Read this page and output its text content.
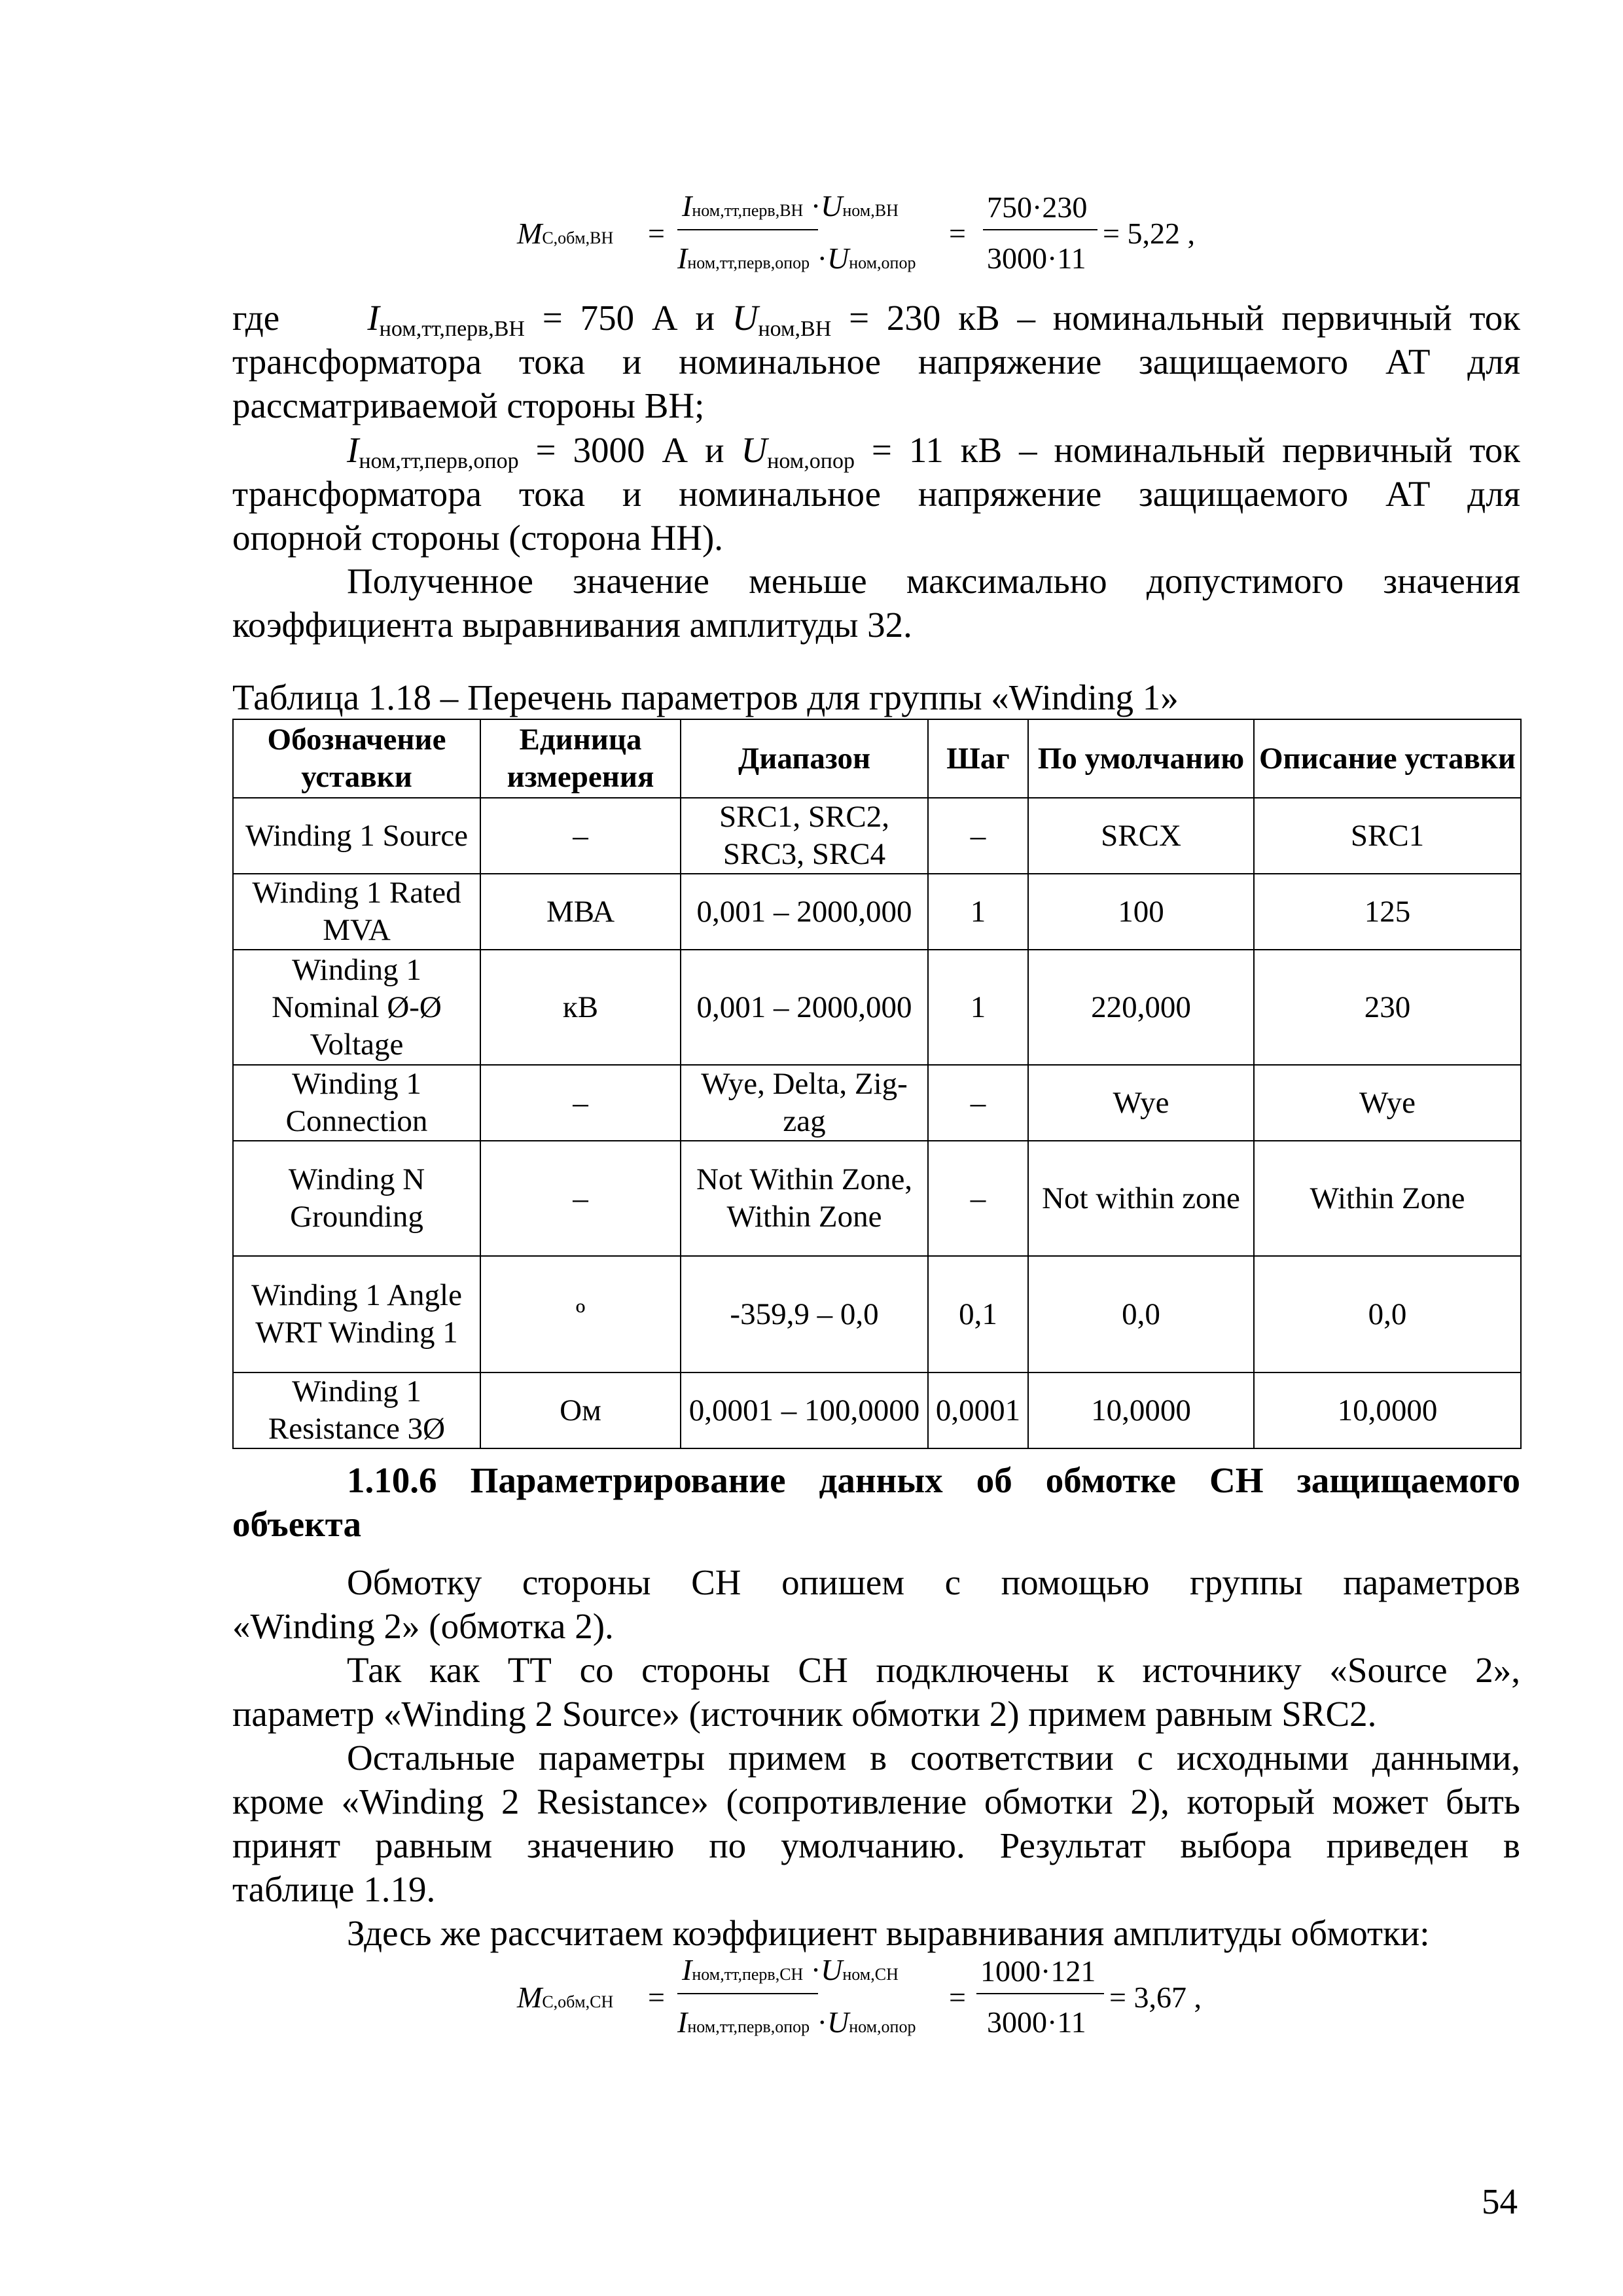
MС,обм,ВН =
Iном,тт,перв,ВН ·Uном,ВН
Iном,тт,перв,опор ·Uном,опор
=
750·230
3000·11
= 5,22 ,
где $I_{ном,тт,перв,ВН} = 750$ А и $U_{ном,ВН} = 230$ кВ – номинальный первичный ток
трансформатора тока и номинальное напряжение защищаемого АТ для
рассматриваемой стороны ВН;
$I_{ном,тт,перв,опор} = 3000$ А и $U_{ном,опор} = 11$ кВ – номинальный первичный ток
трансформатора тока и номинальное напряжение защищаемого АТ для
опорной стороны (сторона НН).
Полученное значение меньше максимально допустимого значения
коэффициента выравнивания амплитуды 32.
Таблица 1.18 – Перечень параметров для группы «Winding 1»
Обозначение уставки	Единица измерения	Диапазон	Шаг	По умолчанию	Описание уставки
Winding 1 Source	–	SRC1, SRC2, SRC3, SRC4	–	SRCX	SRC1
Winding 1 Rated MVA	МВА	0,001 – 2000,000	1	100	125
Winding 1 Nominal Ø-Ø Voltage	кВ	0,001 – 2000,000	1	220,000	230
Winding 1 Connection	–	Wye, Delta, Zig-zag	–	Wye	Wye
Winding N Grounding	–	Not Within Zone, Within Zone	–	Not within zone	Within Zone
Winding 1 Angle WRT Winding 1	º	-359,9 – 0,0	0,1	0,0	0,0
Winding 1 Resistance 3Ø	Ом	0,0001 – 100,0000	0,0001	10,0000	10,0000
1.10.6 Параметрирование данных об обмотке СН защищаемого
объекта
Обмотку стороны СН опишем с помощью группы параметров
«Winding 2» (обмотка 2).
Так как ТТ со стороны СН подключены к источнику «Source 2»,
параметр «Winding 2 Source» (источник обмотки 2) примем равным SRC2.
Остальные параметры примем в соответствии с исходными данными,
кроме «Winding 2 Resistance» (сопротивление обмотки 2), который может быть
принят равным значению по умолчанию. Результат выбора приведен в
таблице 1.19.
Здесь же рассчитаем коэффициент выравнивания амплитуды обмотки:
MС,обм,СН =
Iном,тт,перв,СН ·Uном,СН
Iном,тт,перв,опор ·Uном,опор
=
1000·121
3000·11
= 3,67 ,
54
